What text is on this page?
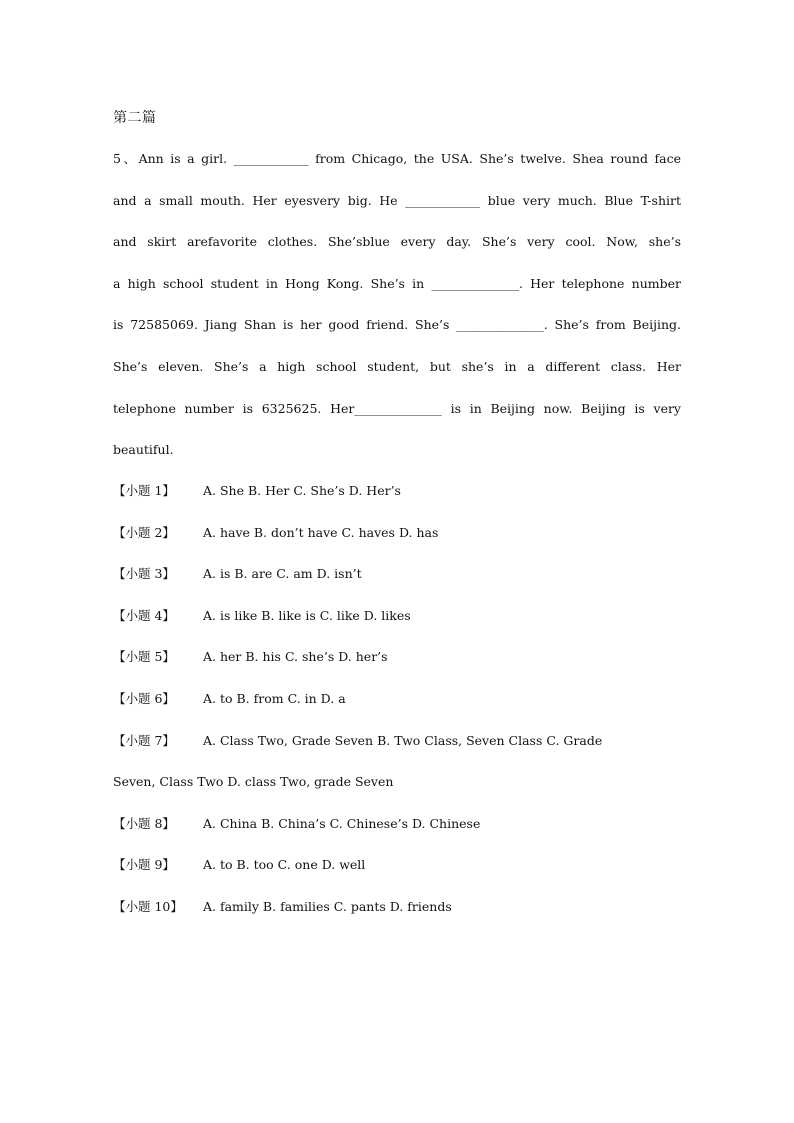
第二篇
5、Ann is a girl. ____________ from Chicago, the USA. She’s twelve. Shea round face
and a small mouth. Her eyesvery big. He ____________ blue very much. Blue T-shirt
and skirt arefavorite clothes. She’sblue every day. She’s very cool. Now, she’s
a high school student in Hong Kong. She’s in ______________. Her telephone number
is 72585069. Jiang Shan is her good friend. She’s ______________. She’s from Beijing.
She’s eleven. She’s a high school student, but she’s in a different class. Her
telephone number is 6325625. Her______________ is in Beijing now. Beijing is very
beautiful.
【小题 1】 A. She B. Her C. She’s D. Her’s
【小题 2】 A. have B. don’t have C. haves D. has
【小题 3】 A. is B. are C. am D. isn’t
【小题 4】 A. is like B. like is C. like D. likes
【小题 5】 A. her B. his C. she’s D. her’s
【小题 6】 A. to B. from C. in D. a
【小题 7】 A. Class Two, Grade Seven B. Two Class, Seven Class C. Grade
Seven, Class Two D. class Two, grade Seven
【小题 8】 A. China B. China’s C. Chinese’s D. Chinese
【小题 9】 A. to B. too C. one D. well
【小题 10】 A. family B. families C. pants D. friends
